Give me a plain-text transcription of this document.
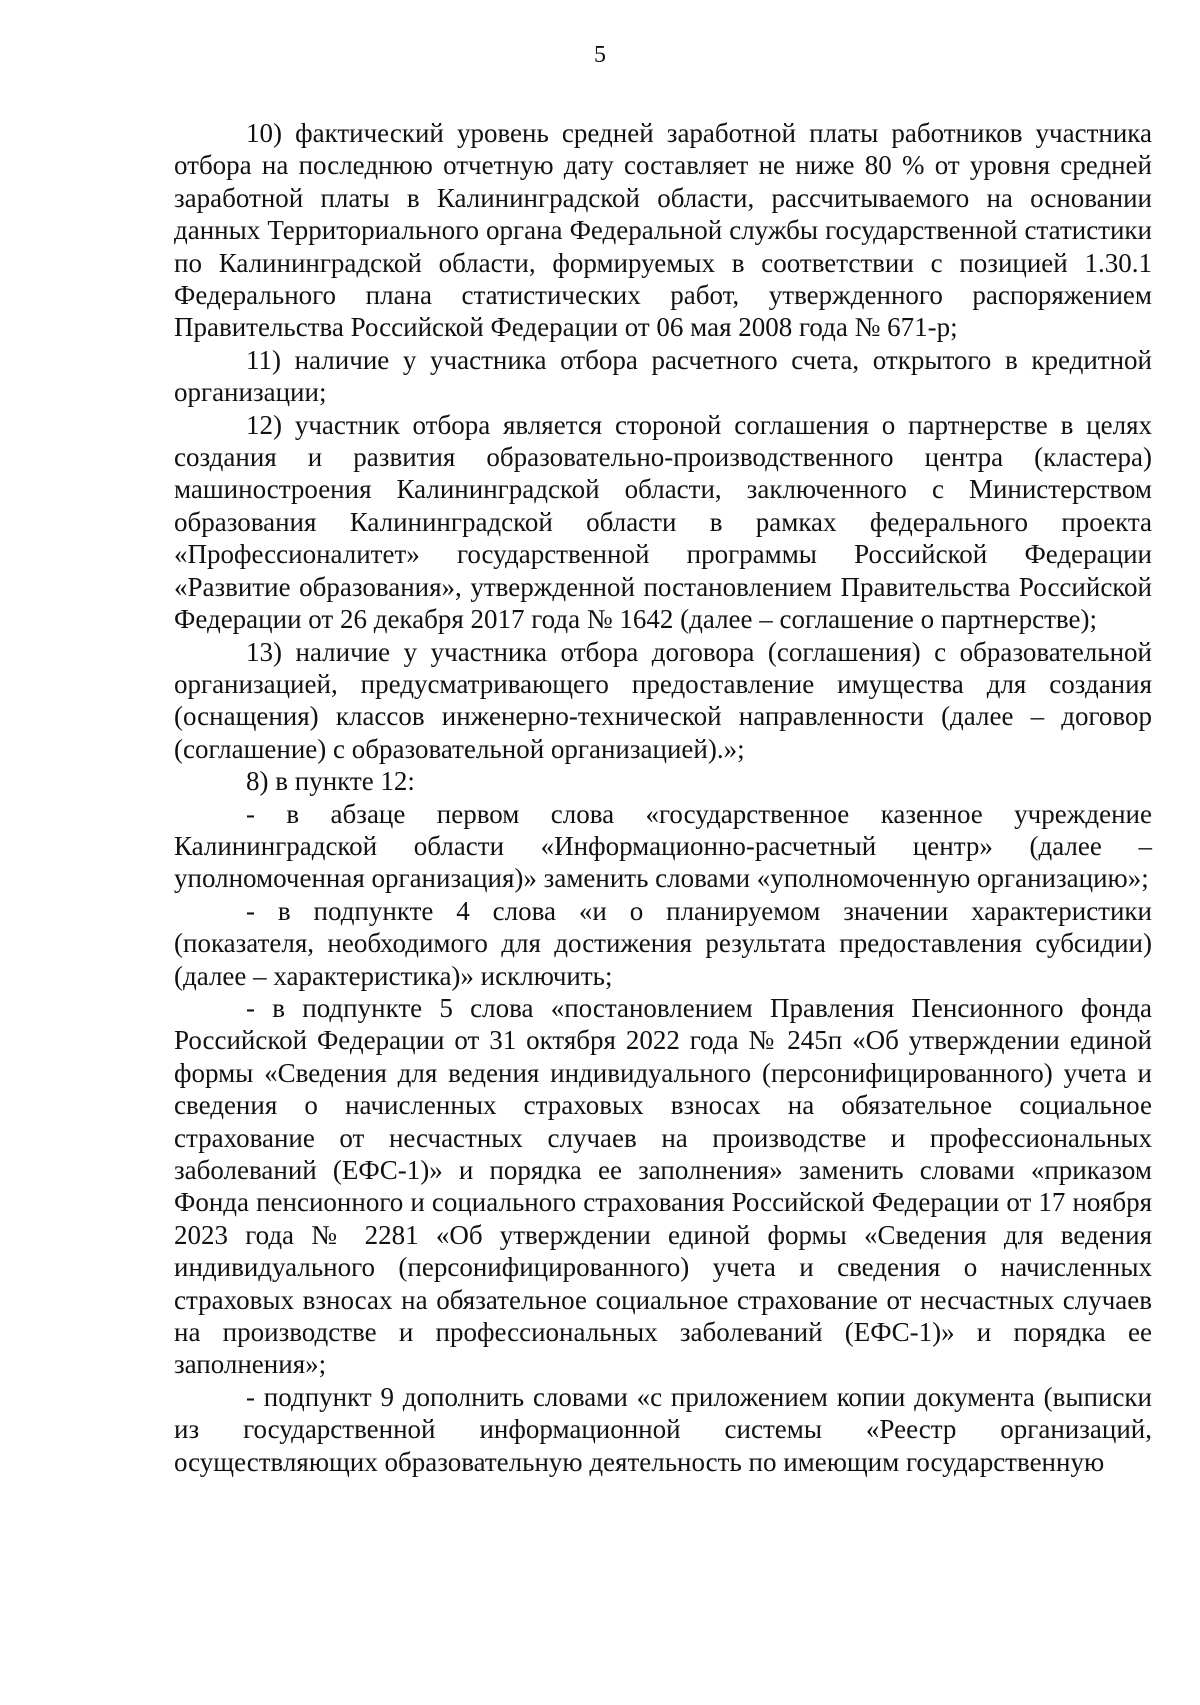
5

10) фактический уровень средней заработной платы работников участника отбора на последнюю отчетную дату составляет не ниже 80 % от уровня средней заработной платы в Калининградской области, рассчитываемого на основании данных Территориального органа Федеральной службы государственной статистики по Калининградской области, формируемых в соответствии с позицией 1.30.1 Федерального плана статистических работ, утвержденного распоряжением Правительства Российской Федерации от 06 мая 2008 года № 671-р;

11) наличие у участника отбора расчетного счета, открытого в кредитной организации;

12) участник отбора является стороной соглашения о партнерстве в целях создания и развития образовательно-производственного центра (кластера) машиностроения Калининградской области, заключенного с Министерством образования Калининградской области в рамках федерального проекта «Профессионалитет» государственной программы Российской Федерации «Развитие образования», утвержденной постановлением Правительства Российской Федерации от 26 декабря 2017 года № 1642 (далее – соглашение о партнерстве);

13) наличие у участника отбора договора (соглашения) с образовательной организацией, предусматривающего предоставление имущества для создания (оснащения) классов инженерно-технической направленности (далее – договор (соглашение) с образовательной организацией).»;

8) в пункте 12:

- в абзаце первом слова «государственное казенное учреждение Калининградской области «Информационно-расчетный центр» (далее – уполномоченная организация)» заменить словами «уполномоченную организацию»;

- в подпункте 4 слова «и о планируемом значении характеристики (показателя, необходимого для достижения результата предоставления субсидии) (далее – характеристика)» исключить;

- в подпункте 5 слова «постановлением Правления Пенсионного фонда Российской Федерации от 31 октября 2022 года № 245п «Об утверждении единой формы «Сведения для ведения индивидуального (персонифицированного) учета и сведения о начисленных страховых взносах на обязательное социальное страхование от несчастных случаев на производстве и профессиональных заболеваний (ЕФС-1)» и порядка ее заполнения» заменить словами «приказом Фонда пенсионного и социального страхования Российской Федерации от 17 ноября 2023 года № 2281 «Об утверждении единой формы «Сведения для ведения индивидуального (персонифицированного) учета и сведения о начисленных страховых взносах на обязательное социальное страхование от несчастных случаев на производстве и профессиональных заболеваний (ЕФС-1)» и порядка ее заполнения»;

- подпункт 9 дополнить словами «с приложением копии документа (выписки из государственной информационной системы «Реестр организаций, осуществляющих образовательную деятельность по имеющим государственную
